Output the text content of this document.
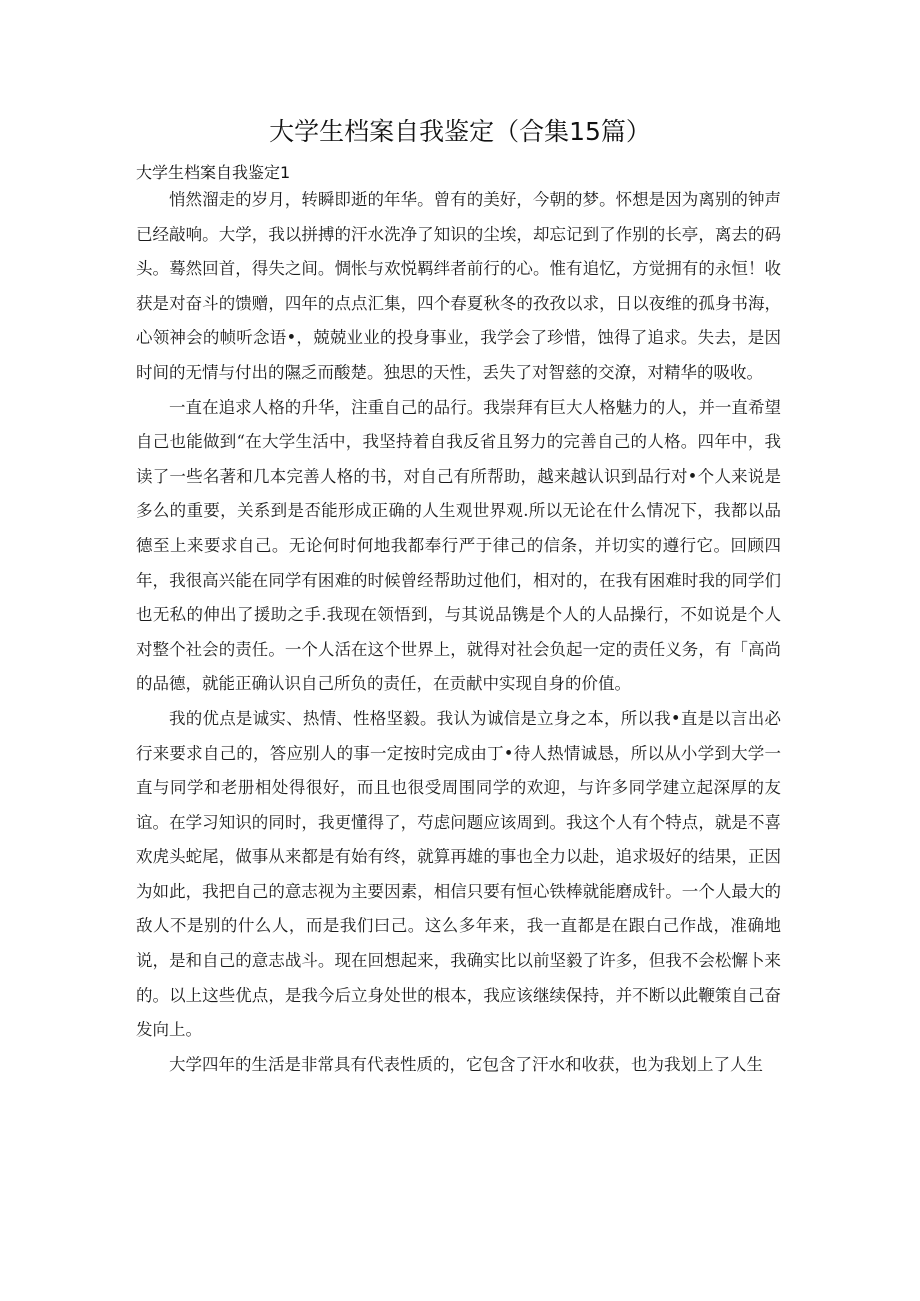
大学生档案自我鉴定（合集15篇）
大学生档案自我鉴定1

悄然溜走的岁月，转瞬即逝的年华。曾有的美好，今朝的梦。怀想是因为离别的钟声已经敲响。大学，我以拼搏的汗水洗净了知识的尘埃，却忘记到了作别的长亭，离去的码头。蓦然回首，得失之间。惆怅与欢悦羁绊者前行的心。惟有追忆，方觉拥有的永恒！收获是对奋斗的馈赠，四年的点点汇集，四个春夏秋冬的孜孜以求，日以夜维的孤身书海，心领神会的帧听念语•，兢兢业业的投身事业，我学会了珍惜，蚀得了追求。失去，是因时间的无情与付出的隰乏而酸楚。独思的天性，丢失了对智慈的交潦，对精华的吸收。

一直在追求人格的升华，注重自己的品行。我崇拜有巨大人格魅力的人，并一直希望自己也能做到“在大学生活中，我坚持着自我反省且努力的完善自己的人格。四年中，我读了一些名著和几本完善人格的书，对自己有所帮助，越来越认识到品行对•个人来说是多么的重要，关系到是否能形成正确的人生观世界观.所以无论在什么情况下，我都以品德至上来要求自己。无论何时何地我都奉行严于律己的信条，并切实的遵行它。回顾四年，我很高兴能在同学有困难的时候曾经帮助过他们，相对的，在我有困难时我的同学们也无私的伸出了援助之手.我现在领悟到，与其说品镌是个人的人品操行，不如说是个人对整个社会的责任。一个人活在这个世界上，就得对社会负起一定的责任义务，有「高尚的品德，就能正确认识自己所负的责任，在贡献中实现自身的价值。

我的优点是诚实、热情、性格坚毅。我认为诚信是立身之本，所以我•直是以言出必行来要求自己的，答应别人的事一定按时完成由丁•待人热情诚恳，所以从小学到大学一直与同学和老册相处得很好，而且也很受周围同学的欢迎，与许多同学建立起深厚的友谊。在学习知识的同时，我更懂得了，芍虑问题应该周到。我这个人有个特点，就是不喜欢虎头蛇尾，做事从来都是有始有终，就算再雄的事也全力以赴，追求圾好的结果，正因为如此，我把自己的意志视为主要因素，相信只要有恒心铁棒就能磨成针。一个人最大的敌人不是别的什么人，而是我们曰己。这么多年来，我一直都是在跟白己作战，准确地说，是和自己的意志战斗。现在回想起来，我确实比以前坚毅了许多，但我不会松懈卜来的。以上这些优点，是我今后立身处世的根本，我应该继续保持，并不断以此鞭策自己奋发向上。

大学四年的生活是非常具有代表性质的，它包含了汗水和收获，也为我划上了人生
